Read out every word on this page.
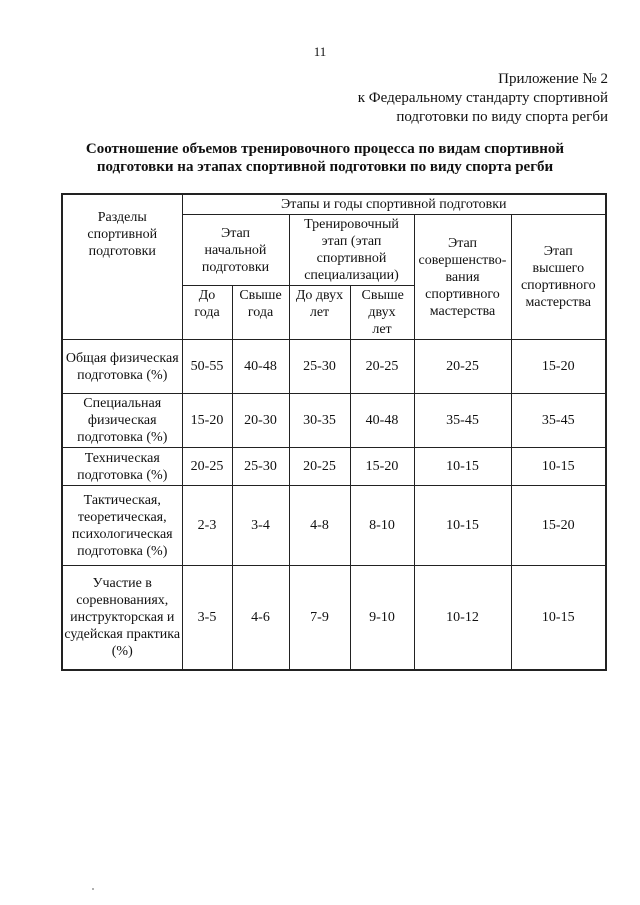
11
Приложение № 2
к Федеральному стандарту спортивной
подготовки по виду спорта регби
Соотношение объемов тренировочного процесса по видам спортивной
подготовки на этапах спортивной подготовки по виду спорта регби
Разделы спортивной подготовки	Этапы и годы спортивной подготовки					

	Этап начальной подготовки		Тренировочный этап (этап спортивной специализации)		Этап совершенство-вания спортивного мастерства	Этап высшего спортивного мастерства

	До года	Свыше года	До двух лет	Свыше двух лет		

Общая физическая подготовка (%)	50-55	40-48	25-30	20-25	20-25	15-20
Специальная физическая подготовка (%)	15-20	20-30	30-35	40-48	35-45	35-45
Техническая подготовка (%)	20-25	25-30	20-25	15-20	10-15	10-15
Тактическая, теоретическая, психологическая подготовка (%)	2-3	3-4	4-8	8-10	10-15	15-20
Участие в соревнованиях, инструкторская и судейская практика (%)	3-5	4-6	7-9	9-10	10-12	10-15
